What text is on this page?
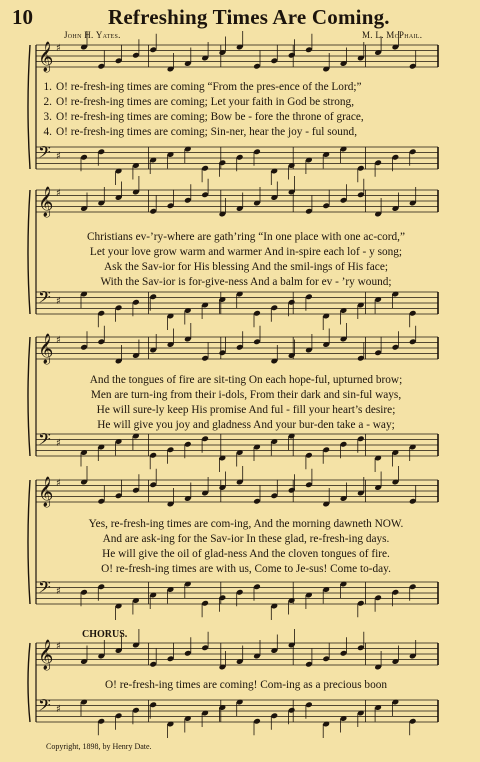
𝄞 ♯
𝄢 ♯
𝄞 ♯
𝄢 ♯
𝄞 ♯
𝄢 ♯
𝄞 ♯
𝄢 ♯
𝄞 ♯
𝄢 ♯
10	Refreshing Times Are Coming.
John H. Yates.	M. L. McPhail.
1. O! re-fresh-ing times are coming “From the pres-ence of the Lord;”
2. O! re-fresh-ing times are coming; Let your faith in God be strong,
3. O! re-fresh-ing times are coming; Bow be - fore the throne of grace,
4. O! re-fresh-ing times are coming; Sin-ner, hear the joy - ful sound,
Christians ev-’ry-where are gath’ring “In one place with one ac-cord,”
Let your love grow warm and warmer And in-spire each lof - y song;
Ask the Sav-ior for His blessing And the smil-ings of His face;
With the Sav-ior is for-give-ness And a balm for ev - ’ry wound;
And the tongues of fire are sit-ting On each hope-ful, upturned brow;
Men are turn-ing from their i-dols, From their dark and sin-ful ways,
He will sure-ly keep His promise And ful - fill your heart’s desire;
He will give you joy and gladness And your bur-den take a - way;
Yes, re-fresh-ing times are com-ing, And the morning dawneth NOW.
And are ask-ing for the Sav-ior In these glad, re-fresh-ing days.
He will give the oil of glad-ness And the cloven tongues of fire.
O! re-fresh-ing times are with us, Come to Je-sus! Come to-day.
CHORUS.
O! re-fresh-ing times are coming! Com-ing as a precious boon
Copyright, 1898, by Henry Date.
